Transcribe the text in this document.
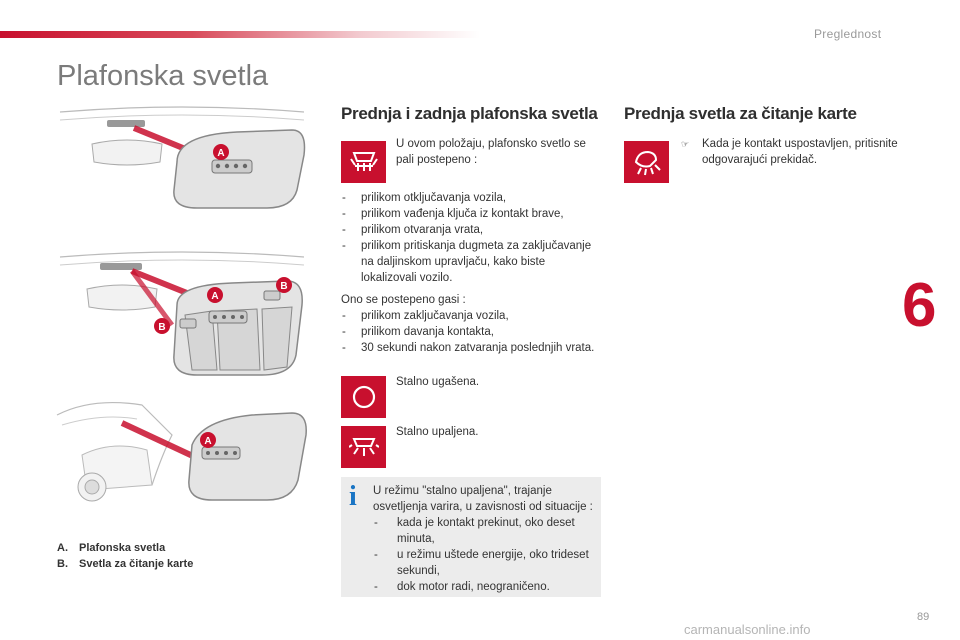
Preglednost
Plafonska svetla
6
A
A
B
B
A
A. Plafonska svetla
B. Svetla za čitanje karte
Prednja i zadnja plafonska svetla
U ovom položaju, plafonsko svetlo se pali postepeno :
- prilikom otključavanja vozila,
- prilikom vađenja ključa iz kontakt brave,
- prilikom otvaranja vrata,
- prilikom pritiskanja dugmeta za zaključavanje na daljinskom upravljaču, kako biste lokalizovali vozilo.
Ono se postepeno gasi :
- prilikom zaključavanja vozila,
- prilikom davanja kontakta,
- 30 sekundi nakon zatvaranja poslednjih vrata.
Stalno ugašena.
Stalno upaljena.
i U režimu "stalno upaljena", trajanje osvetljenja varira, u zavisnosti od situacije :
- kada je kontakt prekinut, oko deset minuta,
- u režimu uštede energije, oko trideset sekundi,
- dok motor radi, neograničeno.
Prednja svetla za čitanje karte
☞	Kada je kontakt uspostavljen, pritisnite odgovarajući prekidač.
89
carmanualsonline.info
